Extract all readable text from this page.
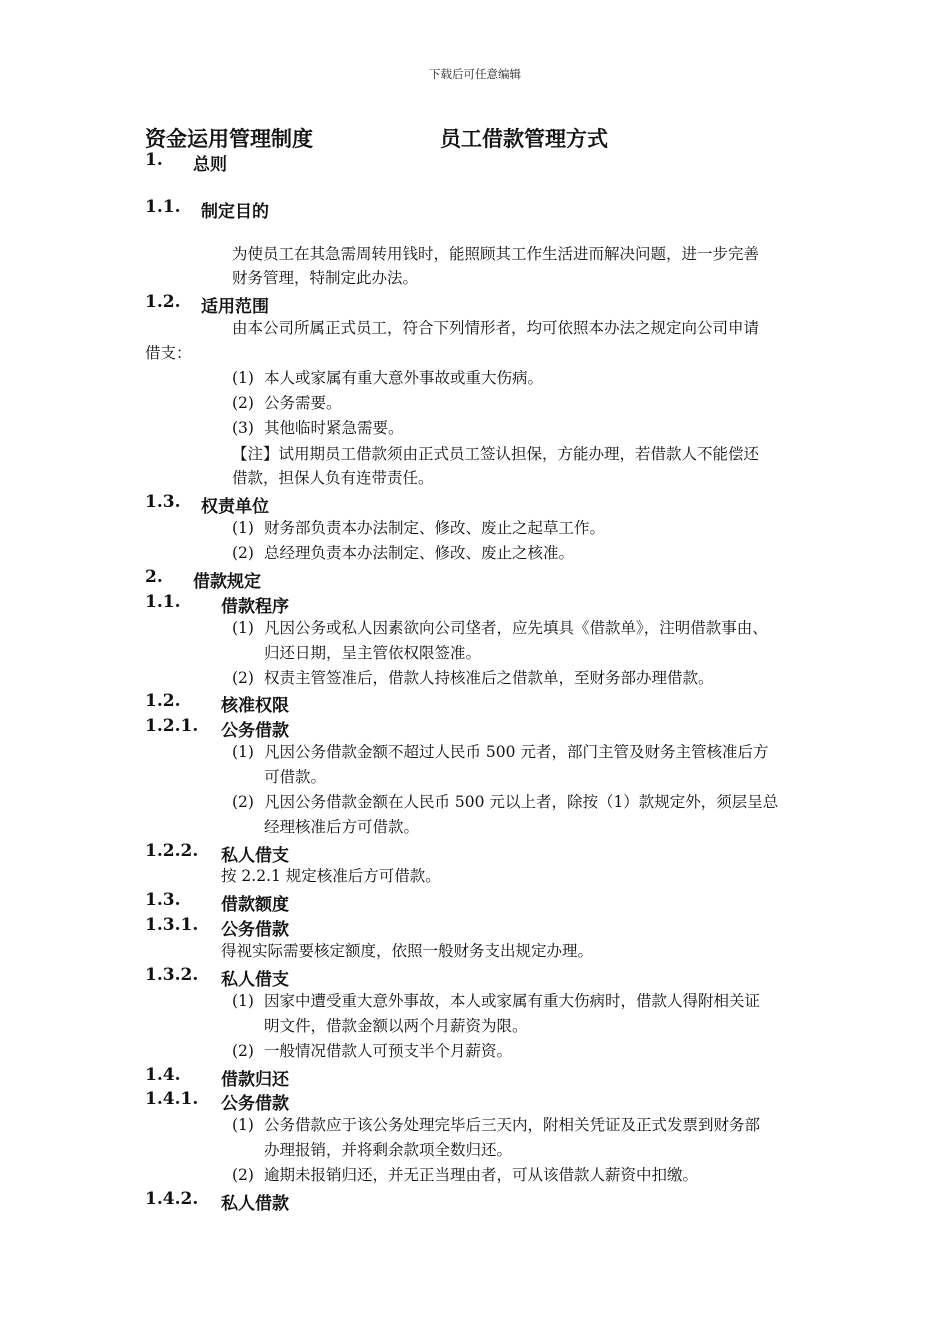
下载后可任意编辑
资金运用管理制度	员工借款管理方式
1. 总则
1.1. 制定目的
为使员工在其急需周转用钱时，能照顾其工作生活进而解决问题，进一步完善
财务管理，特制定此办法。
1.2. 适用范围
由本公司所属正式员工，符合下列情形者，均可依照本办法之规定向公司申请
借支：
(1) 本人或家属有重大意外事故或重大伤病。
(2) 公务需要。
(3) 其他临时紧急需要。
【注】试用期员工借款须由正式员工签认担保，方能办理，若借款人不能偿还
借款，担保人负有连带责任。
1.3. 权责单位
(1) 财务部负责本办法制定、修改、废止之起草工作。
(2) 总经理负责本办法制定、修改、废止之核准。
2. 借款规定
1.1. 借款程序
(1) 凡因公务或私人因素欲向公司垡者，应先填具《借款单》，注明借款事由、
归还日期，呈主管依权限签准。
(2) 权责主管签准后，借款人持核准后之借款单，至财务部办理借款。
1.2. 核准权限
1.2.1. 公务借款
(1) 凡因公务借款金额不超过人民币 500 元者，部门主管及财务主管核准后方
可借款。
(2) 凡因公务借款金额在人民币 500 元以上者，除按（1）款规定外，须层呈总
经理核准后方可借款。
1.2.2. 私人借支
按 2.2.1 规定核准后方可借款。
1.3. 借款额度
1.3.1. 公务借款
得视实际需要核定额度，依照一般财务支出规定办理。
1.3.2. 私人借支
(1) 因家中遭受重大意外事故，本人或家属有重大伤病时，借款人得附相关证
明文件，借款金额以两个月薪资为限。
(2) 一般情况借款人可预支半个月薪资。
1.4. 借款归还
1.4.1. 公务借款
(1) 公务借款应于该公务处理完毕后三天内，附相关凭证及正式发票到财务部
办理报销，并将剩余款项全数归还。
(2) 逾期未报销归还，并无正当理由者，可从该借款人薪资中扣缴。
1.4.2. 私人借款
